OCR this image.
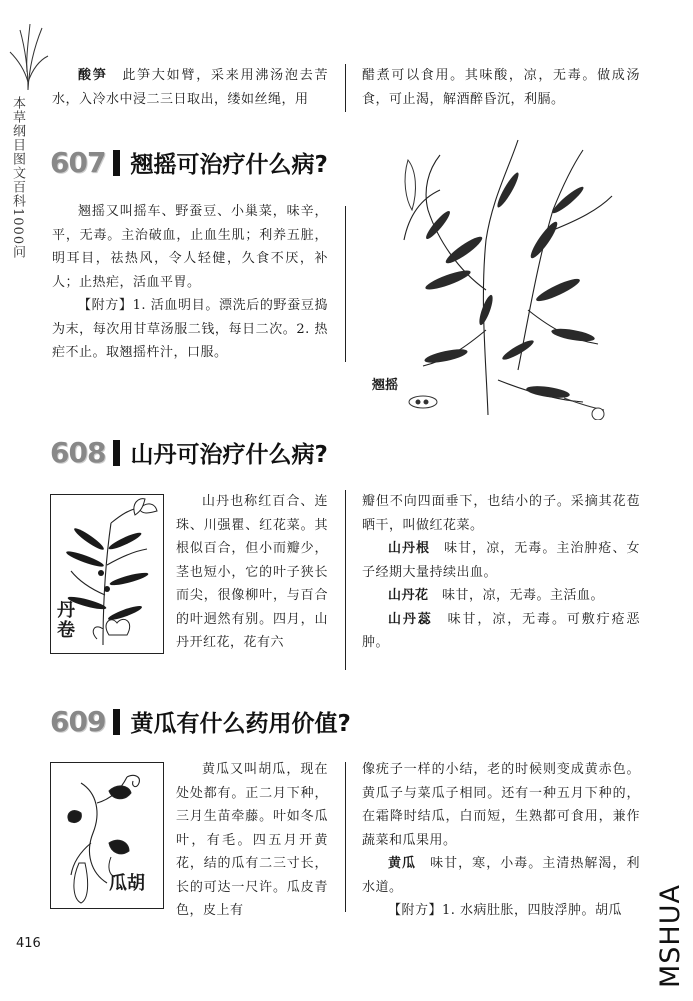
本草纲目图文百科1000问

酸笋  此笋大如臂，采来用沸汤泡去苦水，入冷水中浸二三日取出，缕如丝绳，用

醋煮可以食用。其味酸，凉，无毒。做成汤食，可止渴，解酒醉昏沉，利膈。

607 翘摇可治疗什么病?

翘摇又叫摇车、野蚕豆、小巢菜，味辛，平，无毒。主治破血，止血生肌；利养五脏，明耳目，祛热风，令人轻健，久食不厌，补人；止热疟，活血平胃。

【附方】1. 活血明目。漂洗后的野蚕豆捣为末，每次用甘草汤服二钱，每日二次。2. 热疟不止。取翘摇杵汁，口服。

翘摇
608 山丹可治疗什么病?
丹卷

山丹也称红百合、连珠、川强瞿、红花菜。其根似百合，但小而瓣少，茎也短小，它的叶子狭长而尖，很像柳叶，与百合的叶迥然有别。四月，山丹开红花，花有六

瓣但不向四面垂下，也结小的子。采摘其花苞晒干，叫做红花菜。

山丹根  味甘，凉，无毒。主治肿疮、女子经期大量持续出血。

山丹花  味甘，凉，无毒。主活血。

山丹蕊  味甘，凉，无毒。可敷疔疮恶肿。

609 黄瓜有什么药用价值?
瓜胡

黄瓜又叫胡瓜，现在处处都有。正二月下种，三月生苗牵藤。叶如冬瓜叶，有毛。四五月开黄花，结的瓜有二三寸长，长的可达一尺许。瓜皮青色，皮上有

像疣子一样的小结，老的时候则变成黄赤色。黄瓜子与菜瓜子相同。还有一种五月下种的，在霜降时结瓜，白而短，生熟都可食用，兼作蔬菜和瓜果用。

黄瓜  味甘，寒，小毒。主清热解渴，利水道。

【附方】1. 水病肚胀，四肢浮肿。胡瓜

416	MSHUA
